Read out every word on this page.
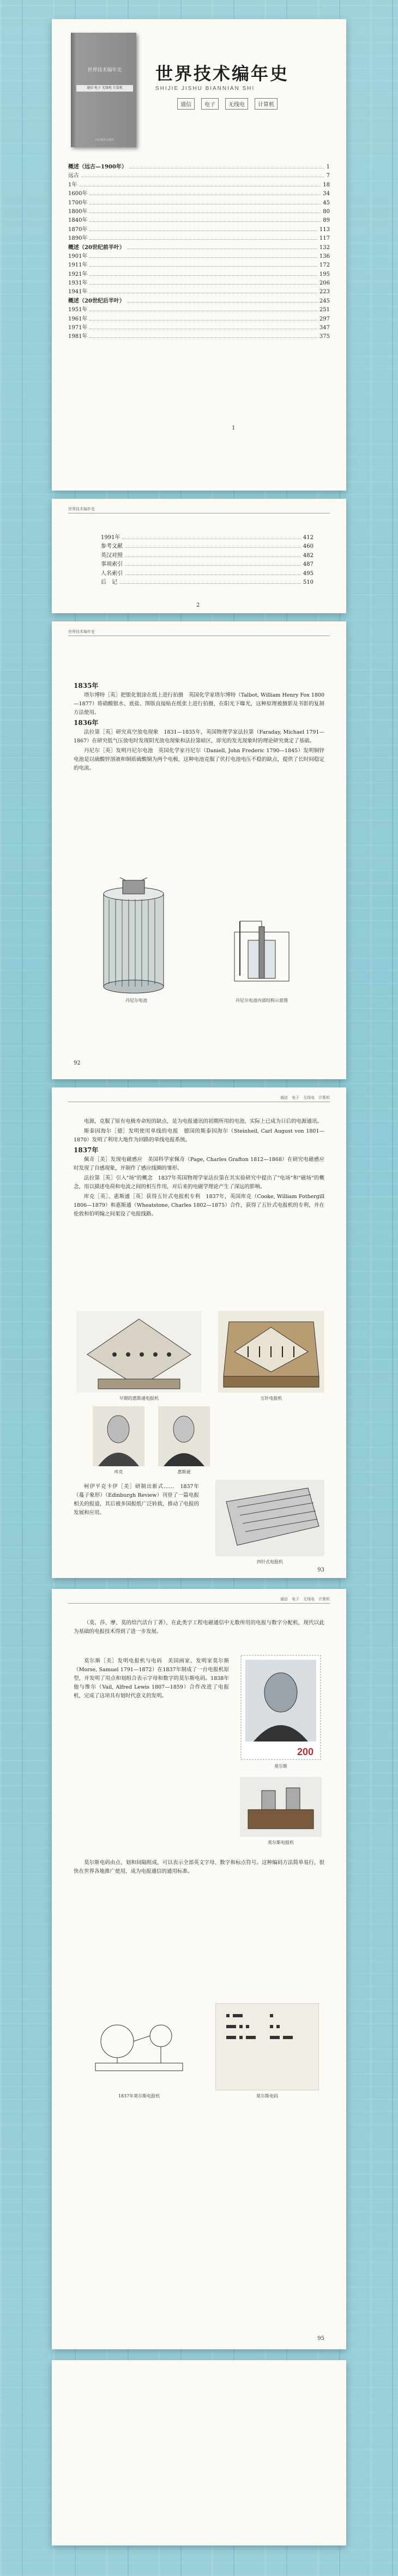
世界技术编年史
通信 电子 无线电 计算机
山东教育出版社
世界技术编年史
SHIJIE JISHU BIANNIAN SHI
通信	电子	无线电	计算机
概述（远古—1900年）	1
远古	7
1年	18
1600年	34
1700年	45
1800年	80
1840年	89
1870年	113
1890年	117
概述（20世纪前半叶）	132
1901年	136
1911年	172
1921年	195
1931年	206
1941年	223
概述（20世纪后半叶）	245
1951年	251
1961年	297
1971年	347
1981年	375
1
世界技术编年史
1991年	412
参考文献	460
英汉对照	482
事项索引	487
人名索引	495
后　记	510
2
世界技术编年史

1835年

塔尔博特［英］把银化银涂在纸上进行拍摄　英国化学家塔尔博特（Talbot, William Henry Fox 1800—1877）将硝酸银水、底盐、图版直接贴在纸张上进行拍摄，在阳光下曝光，这种原理被摄影及书影的复制方法使用。

1836年

法拉第［英］研究真空放电现象　1831—1835年，英国物理学家法拉第（Faraday, Michael 1791—1867）在研究低气压放电时发现阴光放电现象和法拉第暗区，即光的发光现象时的理论研究奠定了基础。

丹尼尔［英］发明丹尼尔电池　英国化学家丹尼尔（Daniell, John Frederic 1790—1845）发明铜锌电池是以硫酸锌溶液和铜质硫酸铜为两个电极，这种电池克服了伏打电池电压不稳的缺点，提供了长时间稳定的电流。

丹尼尔电池	丹尼尔电池内部结构示意图
92
通信　电子　无线电　计算机

电源，克服了原有电极寿命短的缺点，是为电报通讯的初期所用的电池，实际上已成为日后的电源通讯。

斯泰因海尔［德］发明使用单线的电报　德国的斯泰因海尔（Steinheil, Carl August von 1801—1870）发明了利用大地作为回路的单线电报系统。

1837年

佩奇［美］发现电磁感应　美国科学家佩奇（Page, Charles Grafton 1812—1868）在研究电磁感应时发现了自感现象，并制作了感应线圈的雏形。

法拉第［英］引入"场"的概念　1837年英国物理学家法拉第在其实验研究中提出了"电场"和"磁场"的概念，用以描述电荷和电流之间的相互作用，对后来的电磁学理论产生了深远的影响。

库克［英］、惠斯通［英］获得五针式电报机专利　1837年，英国库克（Cooke, William Fothergill 1806—1879）和惠斯通（Wheatstone, Charles 1802—1875）合作，获得了五针式电报机的专利，并在伦敦和伯明翰之间架设了电报线路。

早期的惠斯通电报机	五针电报机
库克	惠斯通

柯伊平克卡伊［美］研制出新式……　1837年（蔓子象形）（Edinburgh Review）刊登了一篇电报相关的报道，其后被多国报纸广泛转载，推动了电报的发展和应用。

四针式电报机
93
通信　电子　无线电　计算机

（莫、莎、摩、莫的给汽活台丁著），在此类字工程电磁通信中无数所用的电报与数字分配机，现代以此为基础的电报技术得到了进一步发展。

莫尔斯［美］发明电报机与电码　美国画家、发明家莫尔斯（Morse, Samuel 1791—1872）在1837年制成了一台电报机原型，并发明了用点和划组合表示字母和数字的莫尔斯电码。1838年他与维尔（Vail, Alfred Lewis 1807—1859）合作改进了电报机，完成了这项具有划时代意义的发明。

200
莫尔斯
莫尔斯电报机

莫尔斯电码由点、划和间隔组成，可以表示全部英文字母、数字和标点符号。这种编码方法简单易行，很快在世界各地推广使用，成为电报通信的通用标准。

1837年莫尔斯电报机	莫尔斯电码
95
